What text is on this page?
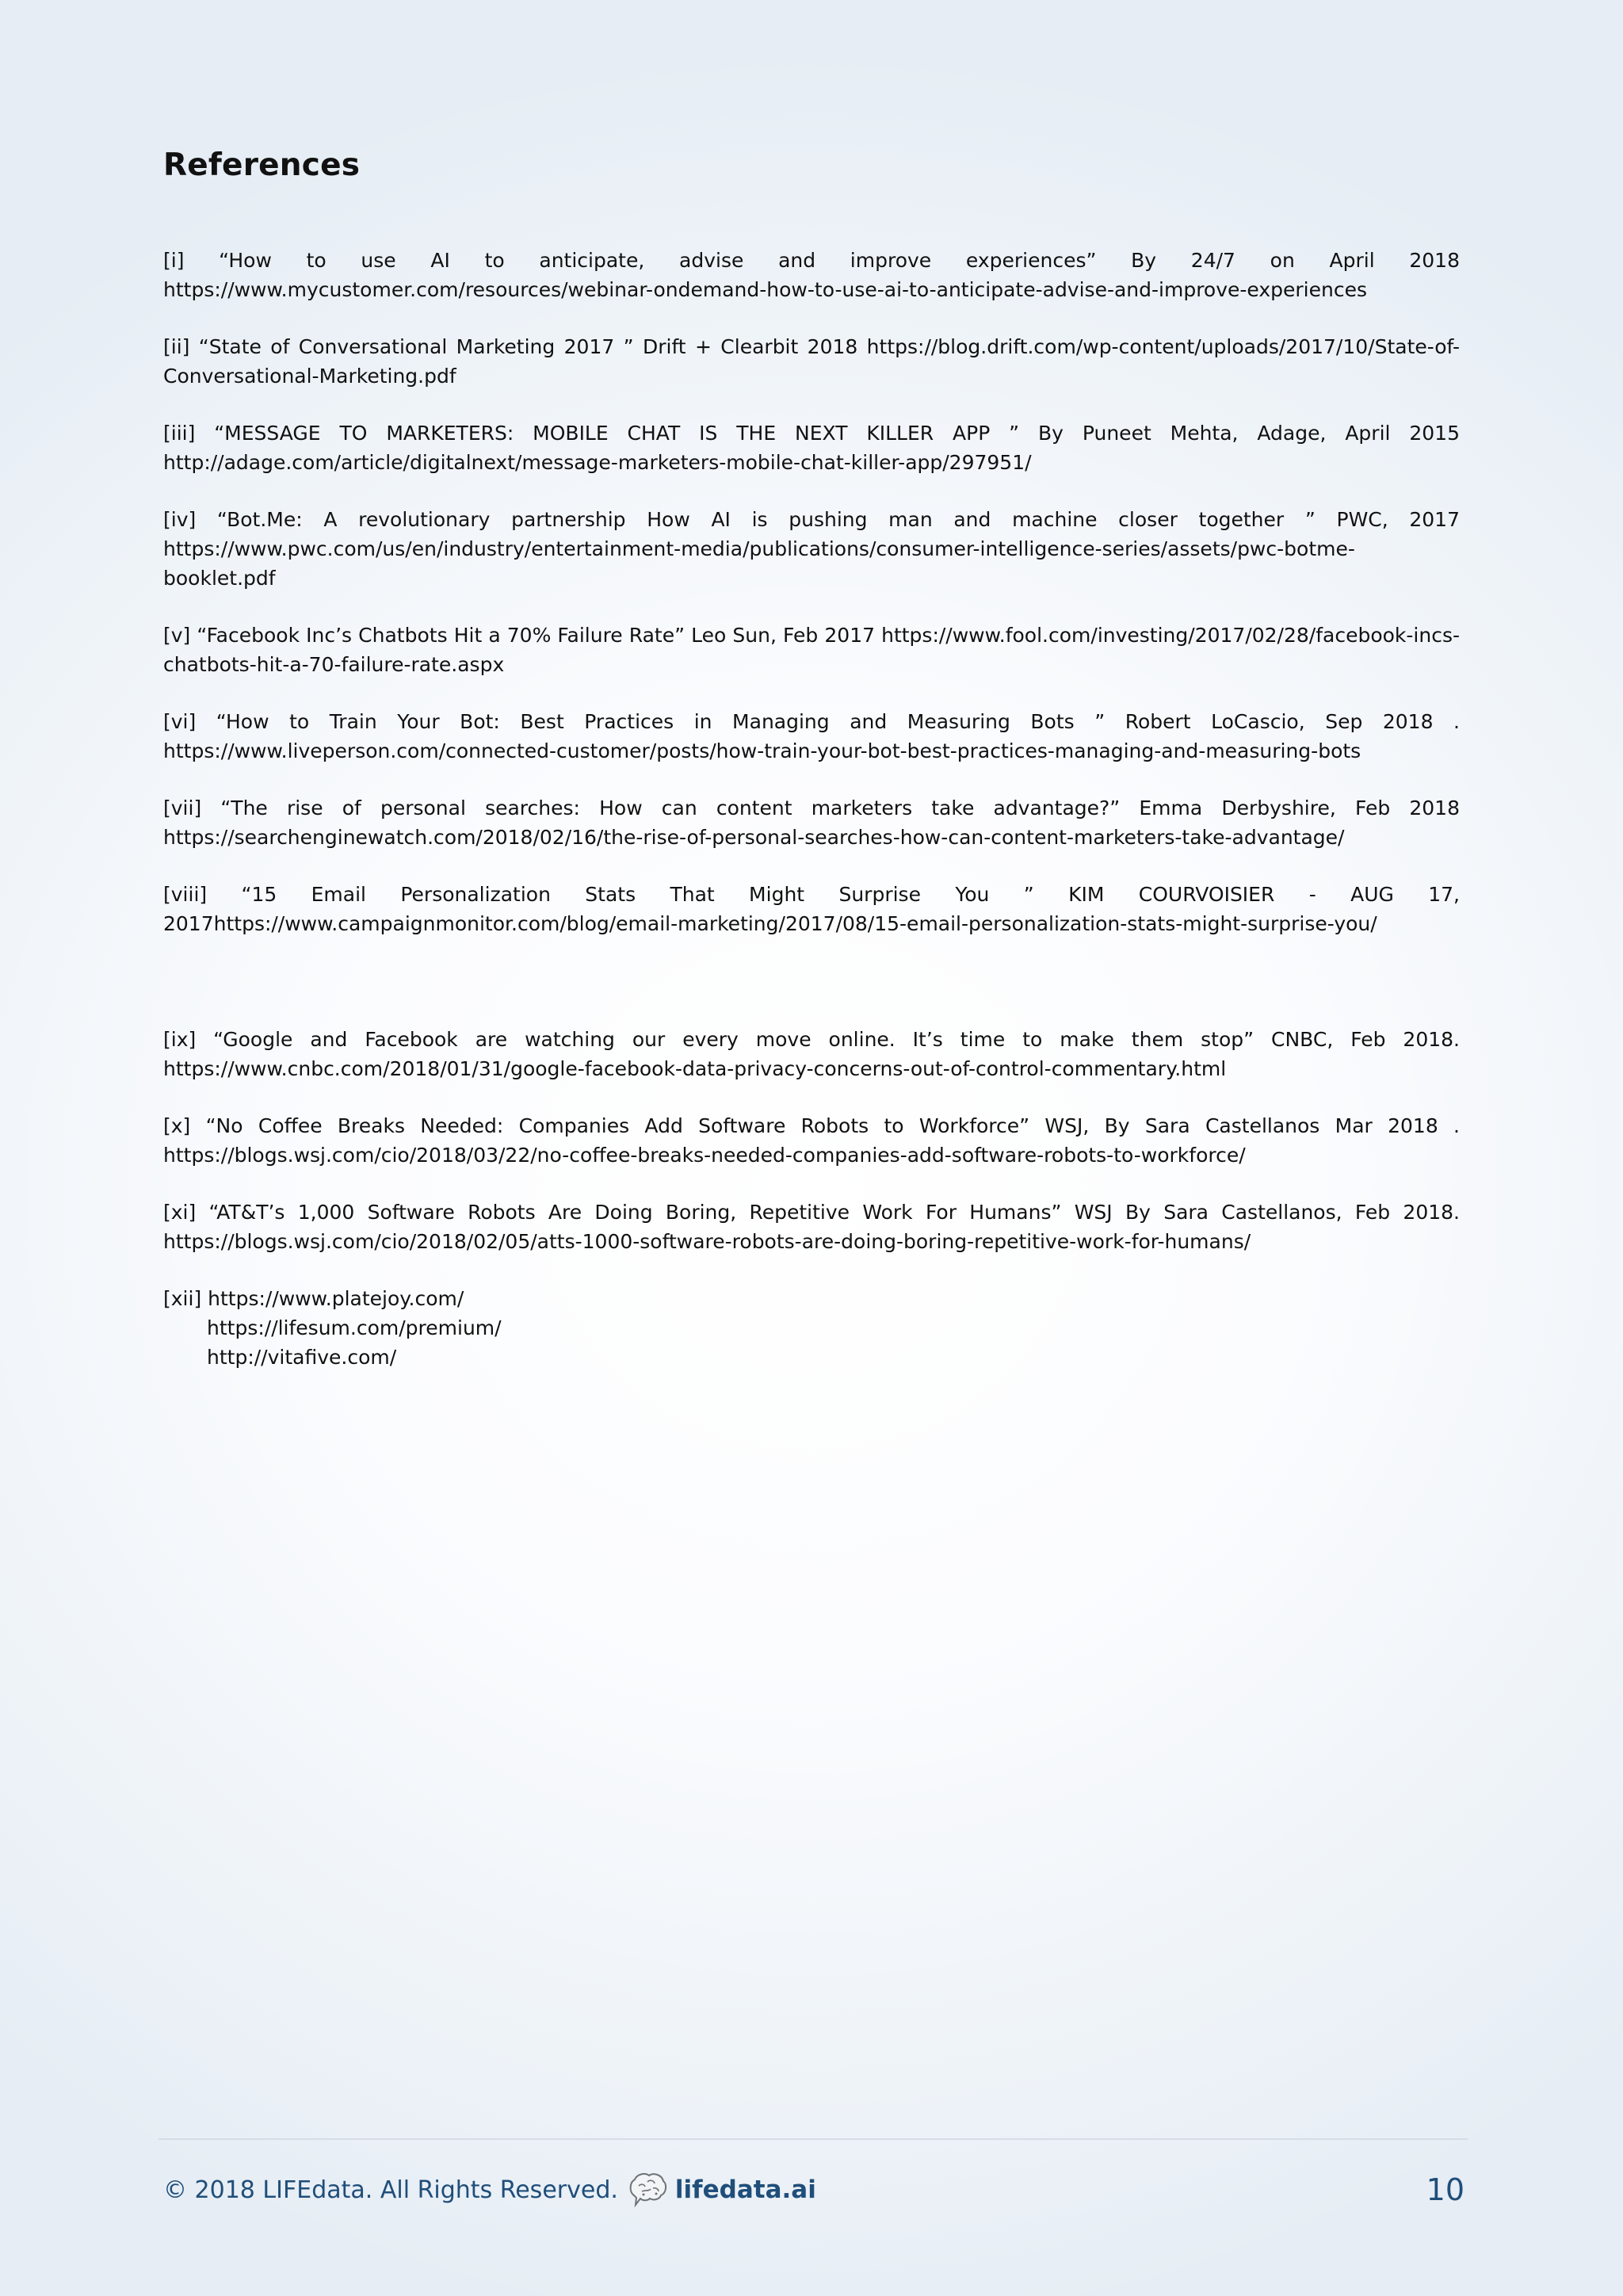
References

[i] “How to use AI to anticipate, advise and improve experiences” By 24/7 on April 2018 https://www.mycustomer.com/resources/webinar-ondemand-how-to-use-ai-to-anticipate-advise-and-improve-experiences

[ii] “State of Conversational Marketing 2017 ” Drift + Clearbit 2018 https://blog.drift.com/wp-content/uploads/2017/10/State-of-Conversational-Marketing.pdf

[iii] “MESSAGE TO MARKETERS: MOBILE CHAT IS THE NEXT KILLER APP ” By Puneet Mehta, Adage, April 2015 http://adage.com/article/digitalnext/message-marketers-mobile-chat-killer-app/297951/

[iv] “Bot.Me: A revolutionary partnership How AI is pushing man and machine closer together ” PWC, 2017 https://www.pwc.com/us/en/industry/entertainment-media/publications/consumer-intelligence-series/assets/pwc-botme-booklet.pdf

[v] “Facebook Inc’s Chatbots Hit a 70% Failure Rate” Leo Sun, Feb 2017 https://www.fool.com/investing/2017/02/28/facebook-incs-chatbots-hit-a-70-failure-rate.aspx

[vi] “How to Train Your Bot: Best Practices in Managing and Measuring Bots ” Robert LoCascio, Sep 2018 . https://www.liveperson.com/connected-customer/posts/how-train-your-bot-best-practices-managing-and-measuring-bots

[vii] “The rise of personal searches: How can content marketers take advantage?” Emma Derbyshire, Feb 2018 https://searchenginewatch.com/2018/02/16/the-rise-of-personal-searches-how-can-content-marketers-take-advantage/

[viii] “15 Email Personalization Stats That Might Surprise You ” KIM COURVOISIER - AUG 17, 2017https://www.campaignmonitor.com/blog/email-marketing/2017/08/15-email-personalization-stats-might-surprise-you/

[ix] “Google and Facebook are watching our every move online. It’s time to make them stop” CNBC, Feb 2018. https://www.cnbc.com/2018/01/31/google-facebook-data-privacy-concerns-out-of-control-commentary.html

[x] “No Coffee Breaks Needed: Companies Add Software Robots to Workforce” WSJ, By Sara Castellanos Mar 2018 . https://blogs.wsj.com/cio/2018/03/22/no-coffee-breaks-needed-companies-add-software-robots-to-workforce/

[xi] “AT&T’s 1,000 Software Robots Are Doing Boring, Repetitive Work For Humans” WSJ By Sara Castellanos, Feb 2018. https://blogs.wsj.com/cio/2018/02/05/atts-1000-software-robots-are-doing-boring-repetitive-work-for-humans/

[xii] https://www.platejoy.com/
https://lifesum.com/premium/
http://vitafive.com/

© 2018 LIFEdata. All Rights Reserved. lifedata.ai	10
